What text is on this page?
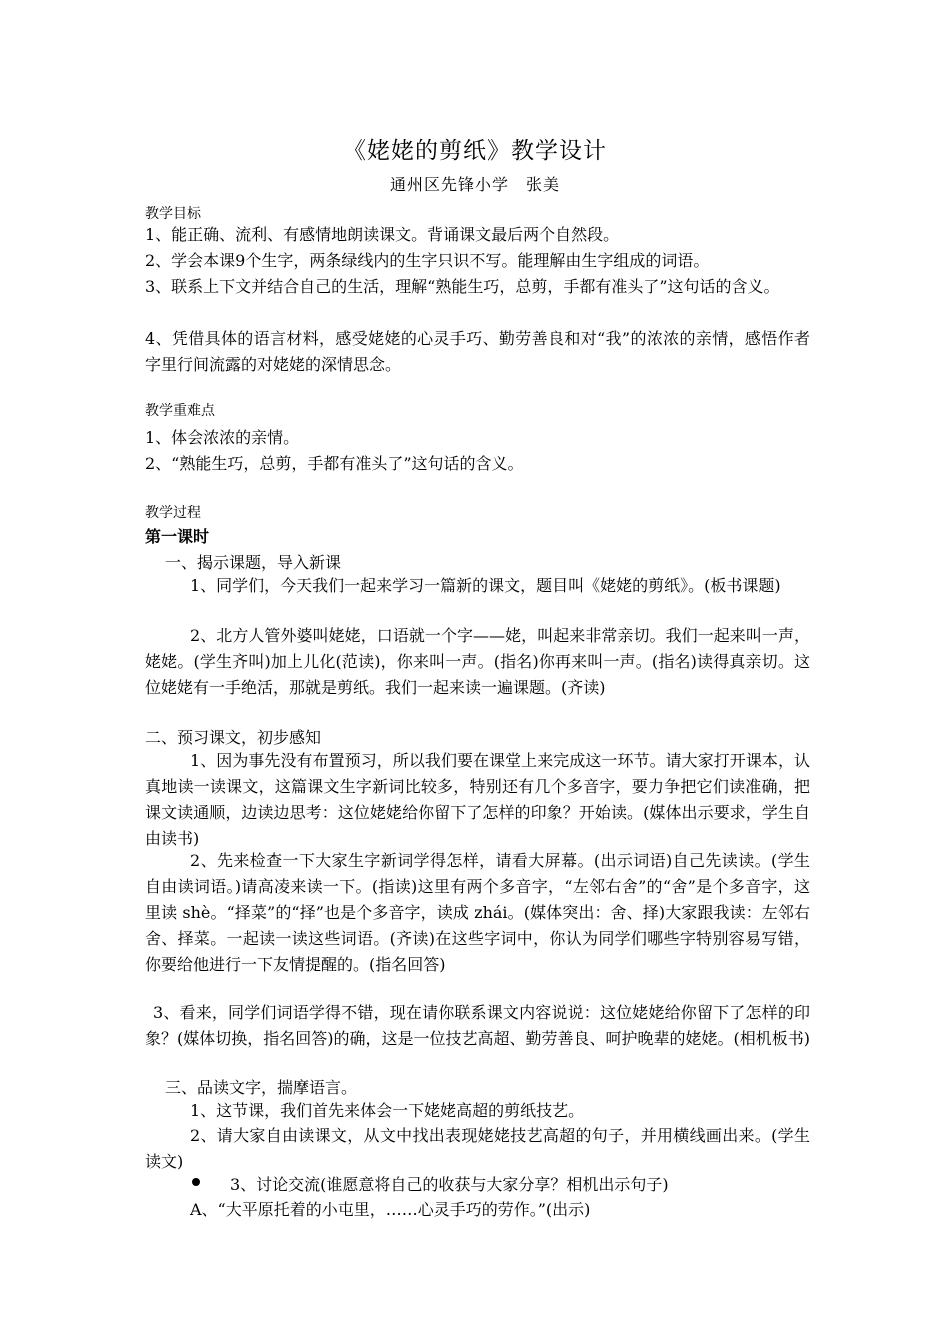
《姥姥的剪纸》教学设计
通州区先锋小学　张美
教学目标

1、能正确、流利、有感情地朗读课文。背诵课文最后两个自然段。

2、学会本课9个生字，两条绿线内的生字只识不写。能理解由生字组成的词语。

3、联系上下文并结合自己的生活，理解“熟能生巧，总剪，手都有准头了”这句话的含义。

4、凭借具体的语言材料，感受姥姥的心灵手巧、勤劳善良和对“我”的浓浓的亲情，感悟作者字里行间流露的对姥姥的深情思念。

教学重难点
1、体会浓浓的亲情。
2、“熟能生巧，总剪，手都有准头了”这句话的含义。
教学过程
第一课时
一、揭示课题，导入新课

1、同学们，今天我们一起来学习一篇新的课文，题目叫《姥姥的剪纸》。(板书课题)

2、北方人管外婆叫姥姥，口语就一个字——姥，叫起来非常亲切。我们一起来叫一声，姥姥。(学生齐叫)加上儿化(范读)，你来叫一声。(指名)你再来叫一声。(指名)读得真亲切。这位姥姥有一手绝活，那就是剪纸。我们一起来读一遍课题。(齐读)

二、预习课文，初步感知

1、因为事先没有布置预习，所以我们要在课堂上来完成这一环节。请大家打开课本，认真地读一读课文，这篇课文生字新词比较多，特别还有几个多音字，要力争把它们读准确，把课文读通顺，边读边思考：这位姥姥给你留下了怎样的印象？开始读。(媒体出示要求，学生自由读书)

2、先来检查一下大家生字新词学得怎样，请看大屏幕。(出示词语)自己先读读。(学生自由读词语。)请高凌来读一下。(指读)这里有两个多音字，“左邻右舍”的“舍”是个多音字，这里读 shè。“择菜”的“择”也是个多音字，读成 zhái。(媒体突出：舍、择)大家跟我读：左邻右舍、择菜。一起读一读这些词语。(齐读)在这些字词中，你认为同学们哪些字特别容易写错，你要给他进行一下友情提醒的。(指名回答)

3、看来，同学们词语学得不错，现在请你联系课文内容说说：这位姥姥给你留下了怎样的印象？(媒体切换，指名回答)的确，这是一位技艺高超、勤劳善良、呵护晚辈的姥姥。(相机板书)

三、品读文字，揣摩语言。

1、这节课，我们首先来体会一下姥姥高超的剪纸技艺。

2、请大家自由读课文，从文中找出表现姥姥技艺高超的句子，并用横线画出来。(学生读文)

3、讨论交流(谁愿意将自己的收获与大家分享？相机出示句子)
A、“大平原托着的小屯里，……心灵手巧的劳作。”(出示)
